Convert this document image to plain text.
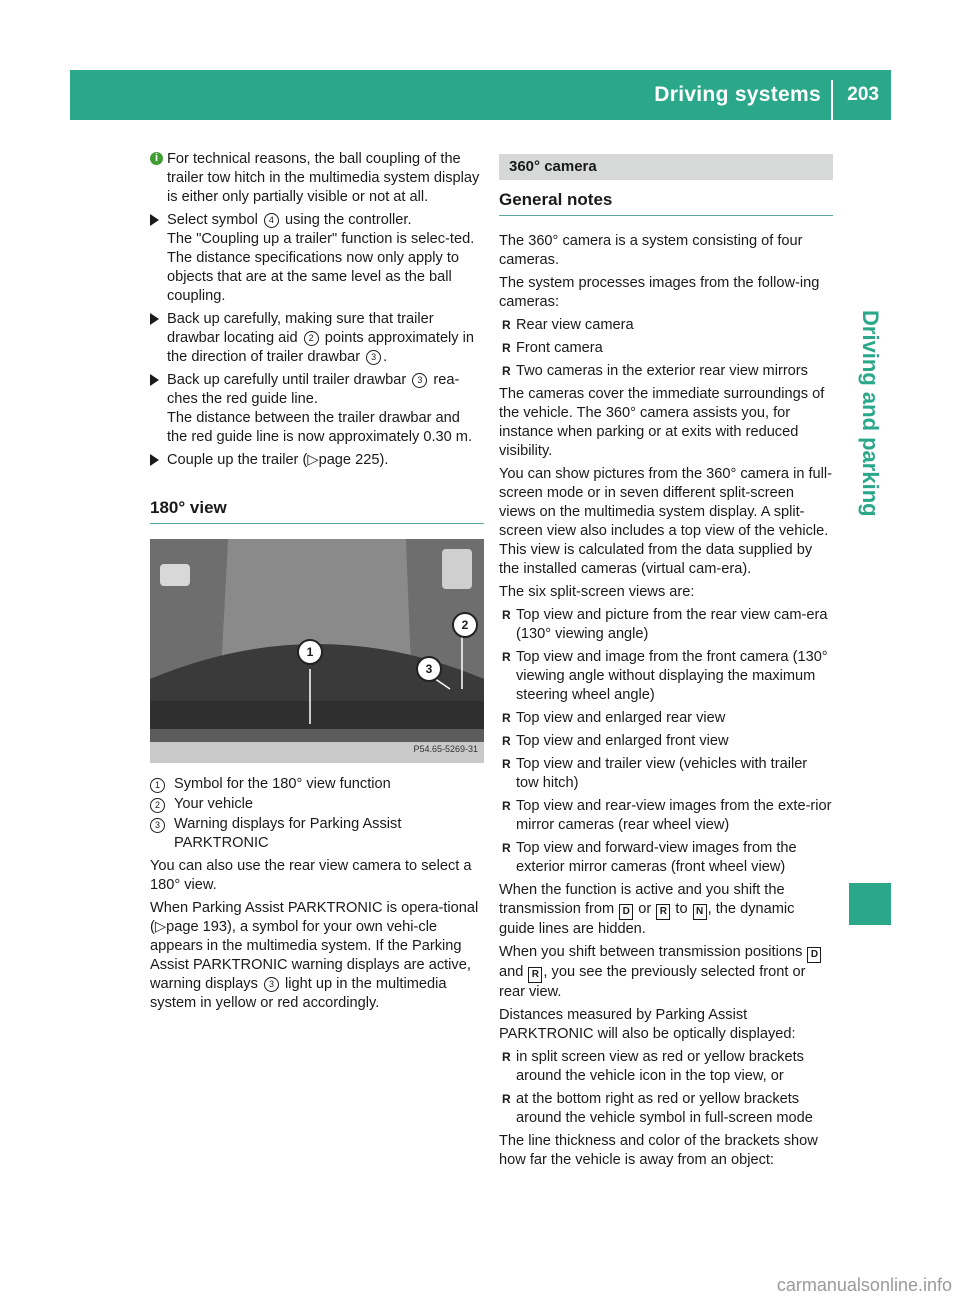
Driving systems 203
Driving and parking
i For technical reasons, the ball coupling of the trailer tow hitch in the multimedia system display is either only partially visible or not at all.
Select symbol 4 using the controller.
The "Coupling up a trailer" function is selec-ted. The distance specifications now only apply to objects that are at the same level as the ball coupling.
Back up carefully, making sure that trailer drawbar locating aid 2 points approximately in the direction of trailer drawbar 3 .
Back up carefully until trailer drawbar 3 rea-ches the red guide line.
The distance between the trailer drawbar and the red guide line is now approximately 0.30 m.
Couple up the trailer (▷page 225).
180° view
1
2
3
P54.65-5269-31
1 Symbol for the 180° view function
2 Your vehicle
3 Warning displays for Parking Assist PARKTRONIC

You can also use the rear view camera to select a 180° view.

When Parking Assist PARKTRONIC is opera-tional (▷page 193), a symbol for your own vehi-cle appears in the multimedia system. If the Parking Assist PARKTRONIC warning displays are active, warning displays 3 light up in the multimedia system in yellow or red accordingly.

360° camera
General notes

The 360° camera is a system consisting of four cameras.

The system processes images from the follow-ing cameras:

R Rear view camera
R Front camera
R Two cameras in the exterior rear view mirrors

The cameras cover the immediate surroundings of the vehicle. The 360° camera assists you, for instance when parking or at exits with reduced visibility.

You can show pictures from the 360° camera in full-screen mode or in seven different split-screen views on the multimedia system display. A split-screen view also includes a top view of the vehicle. This view is calculated from the data supplied by the installed cameras (virtual cam-era).

The six split-screen views are:

R Top view and picture from the rear view cam-era (130° viewing angle)
R Top view and image from the front camera (130° viewing angle without displaying the maximum steering wheel angle)
R Top view and enlarged rear view
R Top view and enlarged front view
R Top view and trailer view (vehicles with trailer tow hitch)
R Top view and rear-view images from the exte-rior mirror cameras (rear wheel view)
R Top view and forward-view images from the exterior mirror cameras (front wheel view)

When the function is active and you shift the transmission from D or R to N , the dynamic guide lines are hidden.

When you shift between transmission positions D and R , you see the previously selected front or rear view.

Distances measured by Parking Assist PARKTRONIC will also be optically displayed:

R in split screen view as red or yellow brackets around the vehicle icon in the top view, or
R at the bottom right as red or yellow brackets around the vehicle symbol in full-screen mode

The line thickness and color of the brackets show how far the vehicle is away from an object:

carmanualsonline.info
